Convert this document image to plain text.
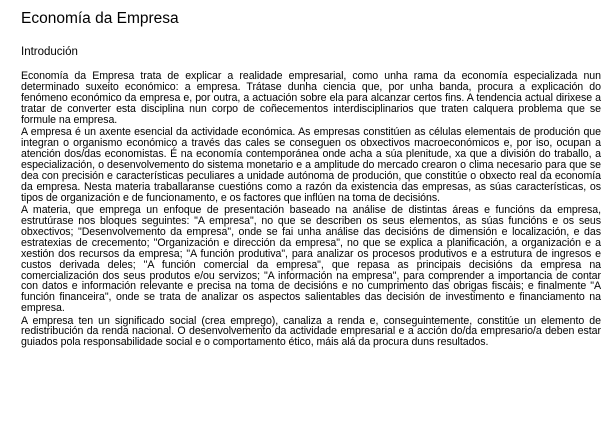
Economía da Empresa
Introdución

Economía da Empresa trata de explicar a realidade empresarial, como unha rama da economía especializada nun determinado suxeito económico: a empresa. Trátase dunha ciencia que, por unha banda, procura a explicación do fenómeno económico da empresa e, por outra, a actuación sobre ela para alcanzar certos fins. A tendencia actual dirixese a tratar de converter esta disciplina nun corpo de coñecementos interdisciplinarios que traten calquera problema que se formule na empresa.

A empresa é un axente esencial da actividade económica. As empresas constitúen as células elementais de produción que integran o organismo económico a través das cales se conseguen os obxectivos macroeconómicos e, por iso, ocupan a atención dos/das economistas. É na economía contemporánea onde acha a súa plenitude, xa que a división do traballo, a especialización, o desenvolvemento do sistema monetario e a amplitude do mercado crearon o clima necesario para que se dea con precisión e características peculiares a unidade autónoma de produción, que constitúe o obxecto real da economía da empresa. Nesta materia traballaranse cuestións como a razón da existencia das empresas, as súas características, os tipos de organización e de funcionamento, e os factores que inflúen na toma de decisións.

A materia, que emprega un enfoque de presentación baseado na análise de distintas áreas e funcións da empresa, estrutúrase nos bloques seguintes: "A empresa", no que se describen os seus elementos, as súas funcións e os seus obxectivos; "Desenvolvemento da empresa", onde se fai unha análise das decisións de dimensión e localización, e das estratexias de crecemento; "Organización e dirección da empresa", no que se explica a planificación, a organización e a xestión dos recursos da empresa; "A función produtiva", para analizar os procesos produtivos e a estrutura de ingresos e custos derivada deles; "A función comercial da empresa", que repasa as principais decisións da empresa na comercialización dos seus produtos e/ou servizos; "A información na empresa", para comprender a importancia de contar con datos e información relevante e precisa na toma de decisións e no cumprimento das obrigas fiscais; e finalmente "A función financeira", onde se trata de analizar os aspectos salientables das decisión de investimento e financiamento na empresa.

A empresa ten un significado social (crea emprego), canaliza a renda e, conseguintemente, constitúe un elemento de redistribución da renda nacional. O desenvolvemento da actividade empresarial e a acción do/da empresario/a deben estar guiados pola responsabilidade social e o comportamento ético, máis alá da procura duns resultados.
